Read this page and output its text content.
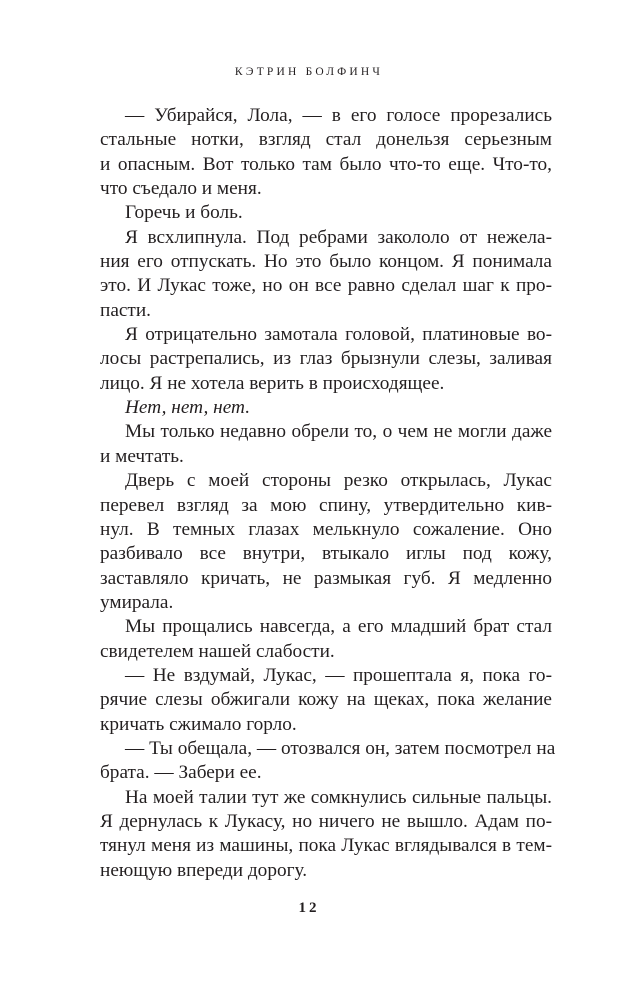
КЭТРИН БОЛФИНЧ
— Убирайся, Лола, — в его голосе прорезались
стальные нотки, взгляд стал донельзя серьезным
и опасным. Вот только там было что-то еще. Что-то,
что съедало и меня.
Горечь и боль.
Я всхлипнула. Под ребрами закололо от нежела-
ния его отпускать. Но это было концом. Я понимала
это. И Лукас тоже, но он все равно сделал шаг к про-
пасти.
Я отрицательно замотала головой, платиновые во-
лосы растрепались, из глаз брызнули слезы, заливая
лицо. Я не хотела верить в происходящее.
Нет, нет, нет.
Мы только недавно обрели то, о чем не могли даже
и мечтать.
Дверь с моей стороны резко открылась, Лукас
перевел взгляд за мою спину, утвердительно кив-
нул. В темных глазах мелькнуло сожаление. Оно
разбивало все внутри, втыкало иглы под кожу,
заставляло кричать, не размыкая губ. Я медленно
умирала.
Мы прощались навсегда, а его младший брат стал
свидетелем нашей слабости.
— Не вздумай, Лукас, — прошептала я, пока го-
рячие слезы обжигали кожу на щеках, пока желание
кричать сжимало горло.
— Ты обещала, — отозвался он, затем посмотрел на
брата. — Забери ее.
На моей талии тут же сомкнулись сильные пальцы.
Я дернулась к Лукасу, но ничего не вышло. Адам по-
тянул меня из машины, пока Лукас вглядывался в тем-
неющую впереди дорогу.
12
